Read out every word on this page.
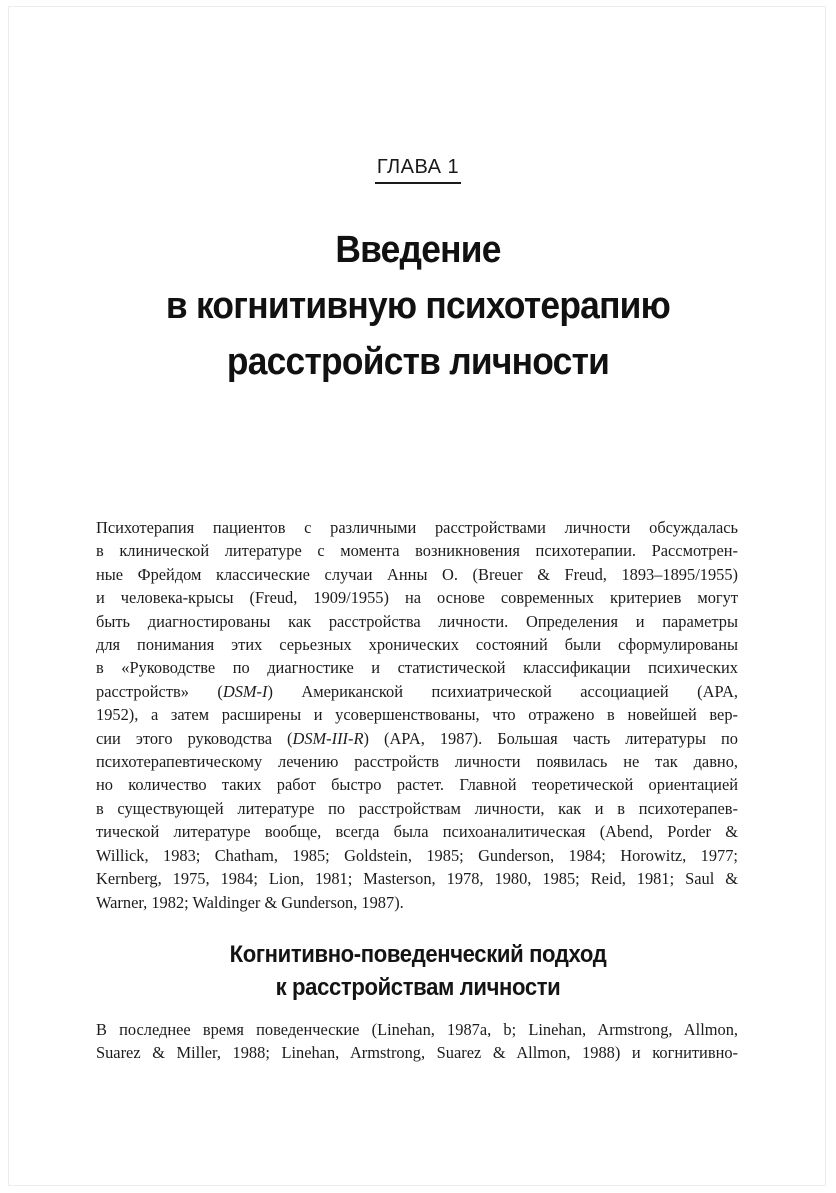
ГЛАВА 1
Введение
в когнитивную психотерапию
расстройств личности
Психотерапия пациентов с различными расстройствами личности обсуждалась
в клинической литературе с момента возникновения психотерапии. Рассмотрен-
ные Фрейдом классические случаи Анны О. (Breuer & Freud, 1893–1895/1955)
и человека-крысы (Freud, 1909/1955) на основе современных критериев могут
быть диагностированы как расстройства личности. Определения и параметры
для понимания этих серьезных хронических состояний были сформулированы
в «Руководстве по диагностике и статистической классификации психических
расстройств» (DSM-I) Американской психиатрической ассоциацией (APA,
1952), а затем расширены и усовершенствованы, что отражено в новейшей вер-
сии этого руководства (DSM-III-R) (APA, 1987). Большая часть литературы по
психотерапевтическому лечению расстройств личности появилась не так давно,
но количество таких работ быстро растет. Главной теоретической ориентацией
в существующей литературе по расстройствам личности, как и в психотерапев-
тической литературе вообще, всегда была психоаналитическая (Abend, Porder &
Willick, 1983; Chatham, 1985; Goldstein, 1985; Gunderson, 1984; Horowitz, 1977;
Kernberg, 1975, 1984; Lion, 1981; Masterson, 1978, 1980, 1985; Reid, 1981; Saul &
Warner, 1982; Waldinger & Gunderson, 1987).
Когнитивно-поведенческий подход
к расстройствам личности
В последнее время поведенческие (Linehan, 1987a, b; Linehan, Armstrong, Allmon,
Suarez & Miller, 1988; Linehan, Armstrong, Suarez & Allmon, 1988) и когнитивно-
